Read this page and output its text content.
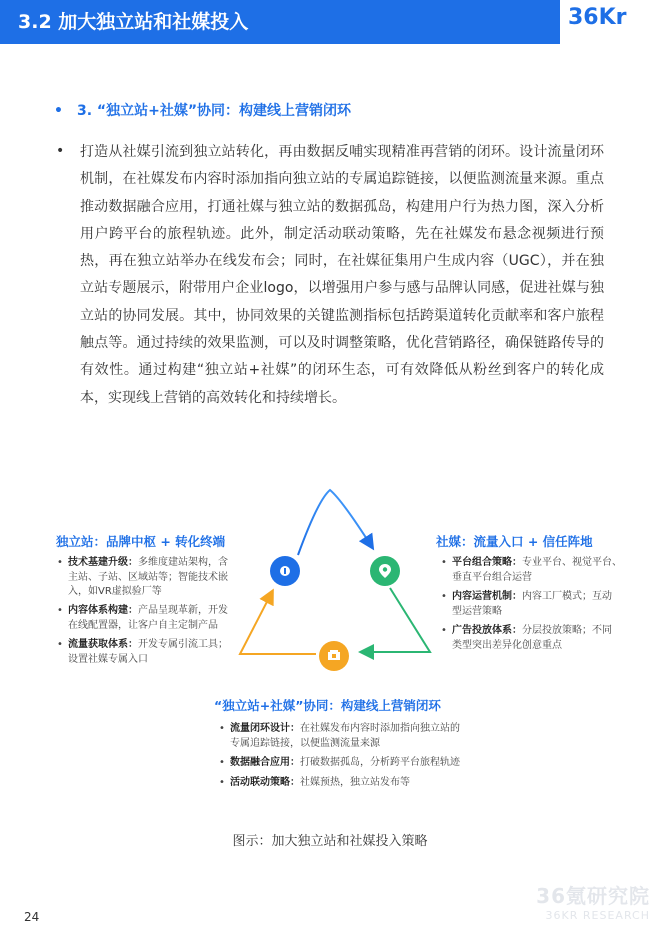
3.2 加大独立站和社媒投入	36Kr
• 3. “独立站+社媒”协同：构建线上营销闭环
• 打造从社媒引流到独立站转化，再由数据反哺实现精准再营销的闭环。设计流量闭环机制，在社媒发布内容时添加指向独立站的专属追踪链接，以便监测流量来源。重点推动数据融合应用，打通社媒与独立站的数据孤岛，构建用户行为热力图，深入分析用户跨平台的旅程轨迹。此外，制定活动联动策略，先在社媒发布悬念视频进行预热，再在独立站举办在线发布会；同时，在社媒征集用户生成内容（UGC），并在独立站专题展示，附带用户企业logo，以增强用户参与感与品牌认同感，促进社媒与独立站的协同发展。其中，协同效果的关键监测指标包括跨渠道转化贡献率和客户旅程触点等。通过持续的效果监测，可以及时调整策略，优化营销路径，确保链路传导的有效性。通过构建“独立站+社媒”的闭环生态，可有效降低从粉丝到客户的转化成本，实现线上营销的高效转化和持续增长。
独立站：品牌中枢 + 转化终端
• 技术基建升级：多维度建站架构，含
主站、子站、区域站等；智能技术嵌
入，如VR虚拟验厂等
• 内容体系构建：产品呈现革新，开发
在线配置器，让客户自主定制产品
• 流量获取体系：开发专属引流工具；
设置社媒专属入口
社媒：流量入口 + 信任阵地
• 平台组合策略：专业平台、视觉平台、
垂直平台组合运营
• 内容运营机制：内容工厂模式；互动
型运营策略
• 广告投放体系：分层投放策略；不同
类型突出差异化创意重点
“独立站+社媒”协同：构建线上营销闭环
• 流量闭环设计：在社媒发布内容时添加指向独立站的
专属追踪链接，以便监测流量来源
• 数据融合应用：打破数据孤岛，分析跨平台旅程轨迹
• 活动联动策略：社媒预热，独立站发布等
图示：加大独立站和社媒投入策略
24
36氪研究院
36KR RESEARCH
